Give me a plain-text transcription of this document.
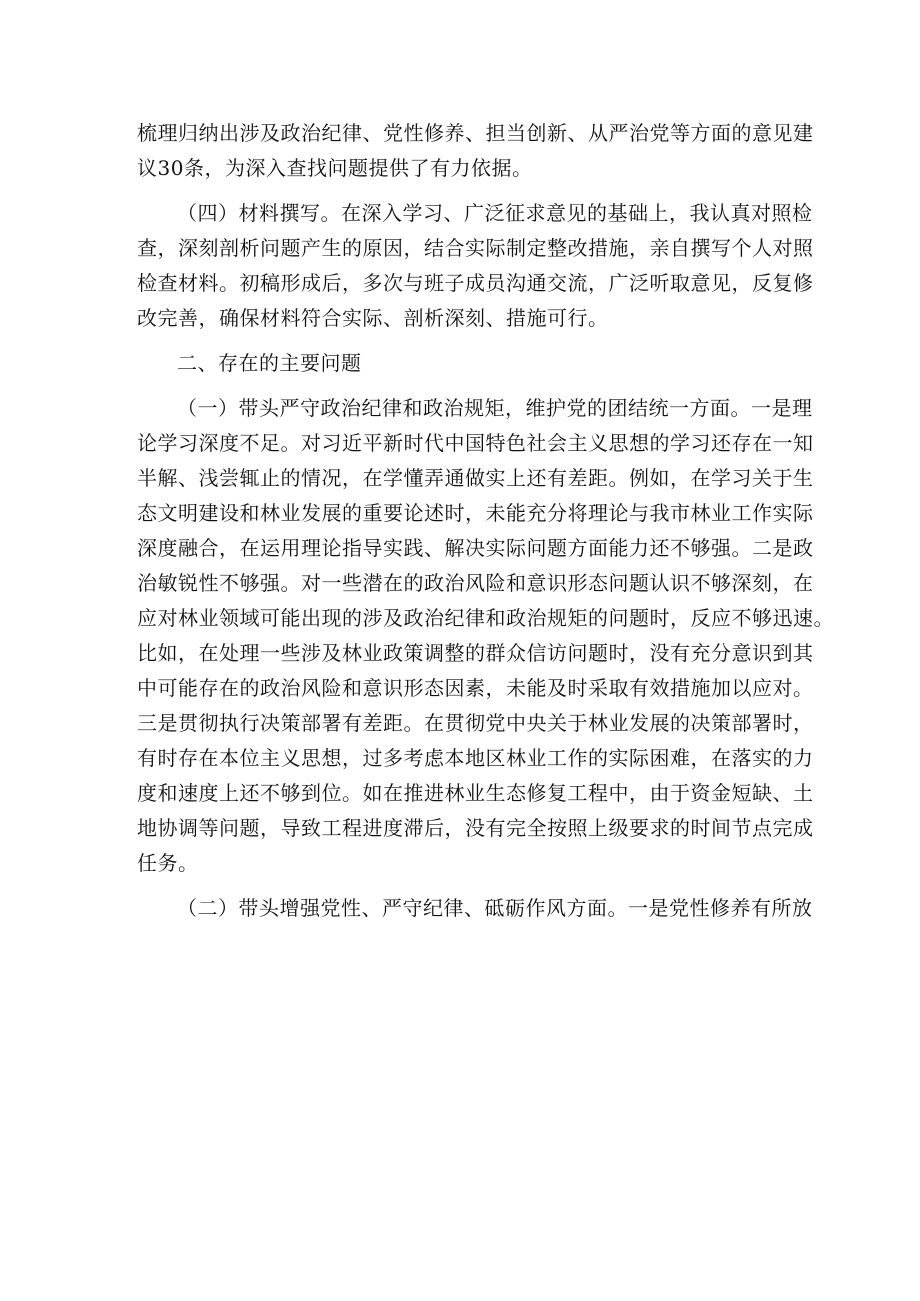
梳理归纳出涉及政治纪律、党性修养、担当创新、从严治党等方面的意见建
议30条，为深入查找问题提供了有力依据。
（四）材料撰写。在深入学习、广泛征求意见的基础上，我认真对照检
查，深刻剖析问题产生的原因，结合实际制定整改措施，亲自撰写个人对照
检查材料。初稿形成后，多次与班子成员沟通交流，广泛听取意见，反复修
改完善，确保材料符合实际、剖析深刻、措施可行。
二、存在的主要问题
（一）带头严守政治纪律和政治规矩，维护党的团结统一方面。一是理
论学习深度不足。对习近平新时代中国特色社会主义思想的学习还存在一知
半解、浅尝辄止的情况，在学懂弄通做实上还有差距。例如，在学习关于生
态文明建设和林业发展的重要论述时，未能充分将理论与我市林业工作实际
深度融合，在运用理论指导实践、解决实际问题方面能力还不够强。二是政
治敏锐性不够强。对一些潜在的政治风险和意识形态问题认识不够深刻，在
应对林业领域可能出现的涉及政治纪律和政治规矩的问题时，反应不够迅速。
比如，在处理一些涉及林业政策调整的群众信访问题时，没有充分意识到其
中可能存在的政治风险和意识形态因素，未能及时采取有效措施加以应对。
三是贯彻执行决策部署有差距。在贯彻党中央关于林业发展的决策部署时，
有时存在本位主义思想，过多考虑本地区林业工作的实际困难，在落实的力
度和速度上还不够到位。如在推进林业生态修复工程中，由于资金短缺、土
地协调等问题，导致工程进度滞后，没有完全按照上级要求的时间节点完成
任务。
（二）带头增强党性、严守纪律、砥砺作风方面。一是党性修养有所放
